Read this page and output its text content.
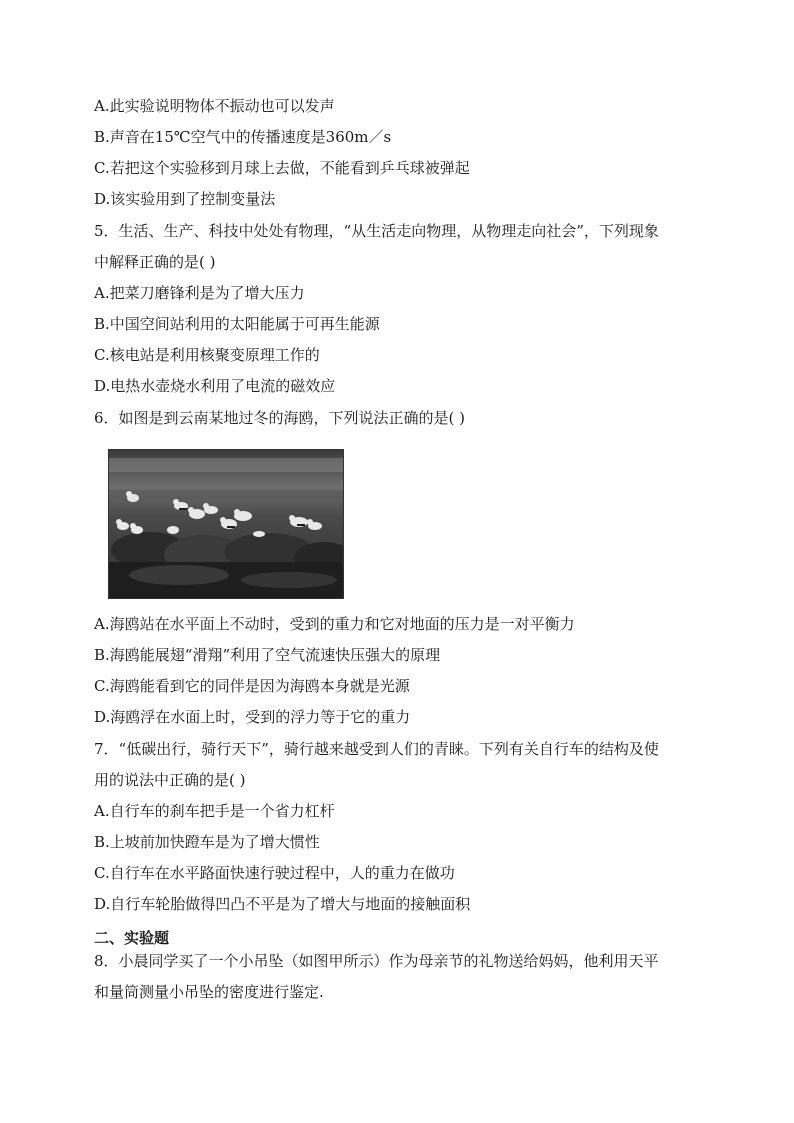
A.此实验说明物体不振动也可以发声
B.声音在15℃空气中的传播速度是360m／s
C.若把这个实验移到月球上去做，不能看到乒乓球被弹起
D.该实验用到了控制变量法
5．生活、生产、科技中处处有物理，“从生活走向物理，从物理走向社会”，下列现象
中解释正确的是( )
A.把菜刀磨锋利是为了增大压力
B.中国空间站利用的太阳能属于可再生能源
C.核电站是利用核聚变原理工作的
D.电热水壶烧水利用了电流的磁效应
6．如图是到云南某地过冬的海鸥，下列说法正确的是( )
A.海鸥站在水平面上不动时，受到的重力和它对地面的压力是一对平衡力
B.海鸥能展翅“滑翔”利用了空气流速快压强大的原理
C.海鸥能看到它的同伴是因为海鸥本身就是光源
D.海鸥浮在水面上时，受到的浮力等于它的重力
7．“低碳出行，骑行天下”，骑行越来越受到人们的青睐。下列有关自行车的结构及使
用的说法中正确的是( )
A.自行车的刹车把手是一个省力杠杆
B.上坡前加快蹬车是为了增大惯性
C.自行车在水平路面快速行驶过程中，人的重力在做功
D.自行车轮胎做得凹凸不平是为了增大与地面的接触面积
二、实验题
8．小晨同学买了一个小吊坠（如图甲所示）作为母亲节的礼物送给妈妈，他利用天平
和量筒测量小吊坠的密度进行鉴定.
